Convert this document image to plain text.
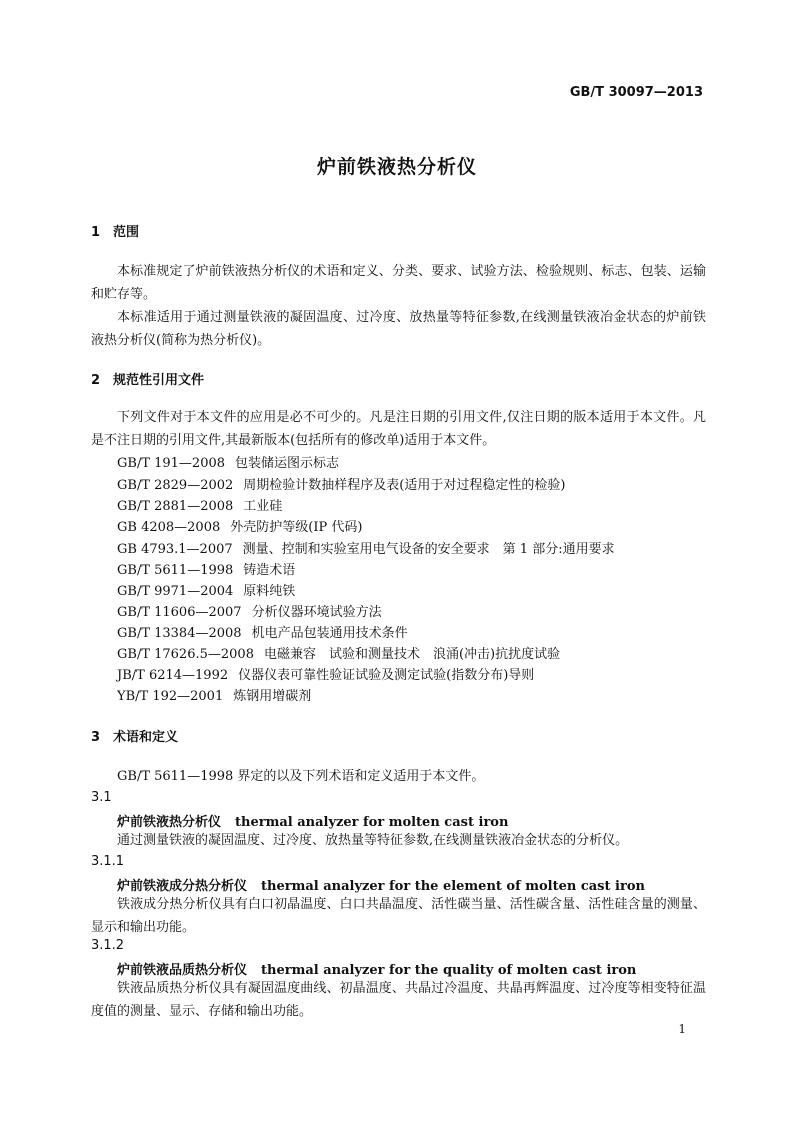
GB/T 30097—2013
炉前铁液热分析仪
1 范围
本标准规定了炉前铁液热分析仪的术语和定义、分类、要求、试验方法、检验规则、标志、包装、运输和贮存等。
本标准适用于通过测量铁液的凝固温度、过冷度、放热量等特征参数,在线测量铁液冶金状态的炉前铁液热分析仪(简称为热分析仪)。
2 规范性引用文件
下列文件对于本文件的应用是必不可少的。凡是注日期的引用文件,仅注日期的版本适用于本文件。凡是不注日期的引用文件,其最新版本(包括所有的修改单)适用于本文件。
GB/T 191—2008 包装储运图示标志
GB/T 2829—2002 周期检验计数抽样程序及表(适用于对过程稳定性的检验)
GB/T 2881—2008 工业硅
GB 4208—2008 外壳防护等级(IP 代码)
GB 4793.1—2007 测量、控制和实验室用电气设备的安全要求　第 1 部分:通用要求
GB/T 5611—1998 铸造术语
GB/T 9971—2004 原料纯铁
GB/T 11606—2007 分析仪器环境试验方法
GB/T 13384—2008 机电产品包装通用技术条件
GB/T 17626.5—2008 电磁兼容　试验和测量技术　浪涌(冲击)抗扰度试验
JB/T 6214—1992 仪器仪表可靠性验证试验及测定试验(指数分布)导则
YB/T 192—2001 炼钢用增碳剂
3 术语和定义
GB/T 5611—1998 界定的以及下列术语和定义适用于本文件。
3.1
炉前铁液热分析仪 thermal analyzer for molten cast iron
通过测量铁液的凝固温度、过冷度、放热量等特征参数,在线测量铁液冶金状态的分析仪。
3.1.1
炉前铁液成分热分析仪 thermal analyzer for the element of molten cast iron
铁液成分热分析仪具有白口初晶温度、白口共晶温度、活性碳当量、活性碳含量、活性硅含量的测量、显示和输出功能。
3.1.2
炉前铁液品质热分析仪 thermal analyzer for the quality of molten cast iron
铁液品质热分析仪具有凝固温度曲线、初晶温度、共晶过冷温度、共晶再辉温度、过冷度等相变特征温度值的测量、显示、存储和输出功能。
1
